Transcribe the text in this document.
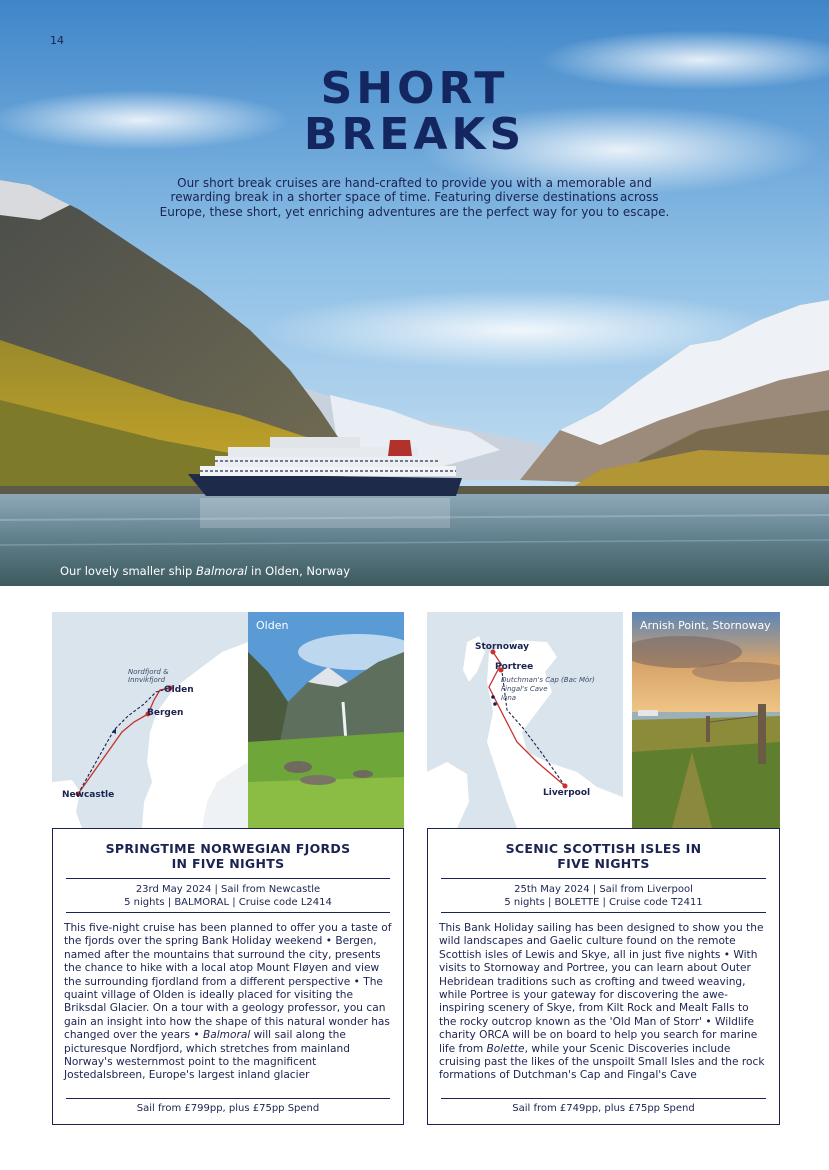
14
SHORT
BREAKS
Our short break cruises are hand-crafted to provide you with a memorable and rewarding break in a shorter space of time. Featuring diverse destinations across Europe, these short, yet enriching adventures are the perfect way for you to escape.
Our lovely smaller ship Balmoral in Olden, Norway
Nordfjord &
Innvikfjord
Olden
Bergen
Newcastle
Olden
SPRINGTIME NORWEGIAN FJORDS
IN FIVE NIGHTS
23rd May 2024 | Sail from Newcastle
5 nights | BALMORAL | Cruise code L2414
This five-night cruise has been planned to offer you a taste of the fjords over the spring Bank Holiday weekend • Bergen, named after the mountains that surround the city, presents the chance to hike with a local atop Mount Fløyen and view the surrounding fjordland from a different perspective • The quaint village of Olden is ideally placed for visiting the Briksdal Glacier. On a tour with a geology professor, you can gain an insight into how the shape of this natural wonder has changed over the years • Balmoral will sail along the picturesque Nordfjord, which stretches from mainland Norway's westernmost point to the magnificent Jostedalsbreen, Europe's largest inland glacier
Sail from £799pp, plus £75pp Spend
Stornoway
Portree
Dutchman's Cap (Bac Mòr)
Fingal's Cave
Iona
Liverpool
Arnish Point, Stornoway
SCENIC SCOTTISH ISLES IN
FIVE NIGHTS
25th May 2024 | Sail from Liverpool
5 nights | BOLETTE | Cruise code T2411
This Bank Holiday sailing has been designed to show you the wild landscapes and Gaelic culture found on the remote Scottish isles of Lewis and Skye, all in just five nights • With visits to Stornoway and Portree, you can learn about Outer Hebridean traditions such as crofting and tweed weaving, while Portree is your gateway for discovering the awe-inspiring scenery of Skye, from Kilt Rock and Mealt Falls to the rocky outcrop known as the 'Old Man of Storr' • Wildlife charity ORCA will be on board to help you search for marine life from Bolette, while your Scenic Discoveries include cruising past the likes of the unspoilt Small Isles and the rock formations of Dutchman's Cap and Fingal's Cave
Sail from £749pp, plus £75pp Spend
